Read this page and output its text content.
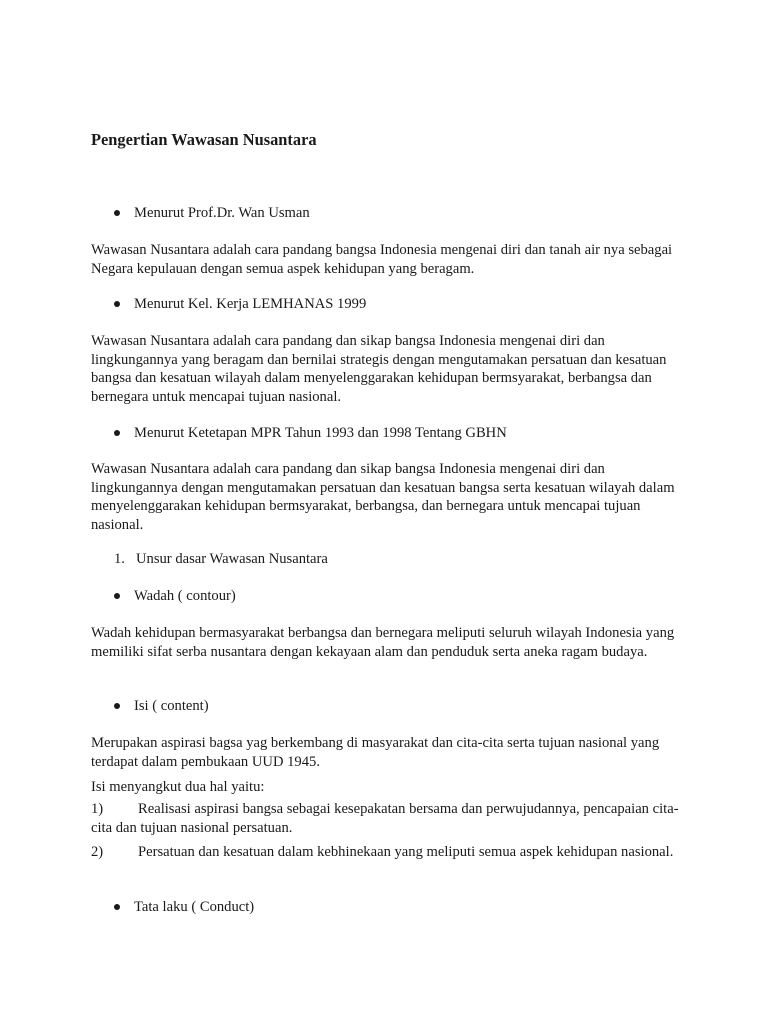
Pengertian Wawasan Nusantara

Menurut Prof.Dr. Wan Usman

Wawasan Nusantara adalah cara pandang bangsa Indonesia mengenai diri dan tanah air nya sebagai Negara kepulauan dengan semua aspek kehidupan yang beragam.

Menurut Kel. Kerja LEMHANAS 1999

Wawasan Nusantara adalah cara pandang dan sikap bangsa Indonesia mengenai diri dan lingkungannya yang beragam dan bernilai strategis dengan mengutamakan persatuan dan kesatuan bangsa dan kesatuan wilayah dalam menyelenggarakan kehidupan bermsyarakat, berbangsa dan bernegara untuk mencapai tujuan nasional.

Menurut Ketetapan MPR Tahun 1993 dan 1998 Tentang GBHN

Wawasan Nusantara adalah cara pandang dan sikap bangsa Indonesia mengenai diri dan lingkungannya dengan mengutamakan persatuan dan kesatuan bangsa serta kesatuan wilayah dalam menyelenggarakan kehidupan bermsyarakat, berbangsa, dan bernegara untuk mencapai tujuan nasional.

1. Unsur dasar Wawasan Nusantara

Wadah ( contour)

Wadah kehidupan bermasyarakat berbangsa dan bernegara meliputi seluruh wilayah Indonesia yang memiliki sifat serba nusantara dengan kekayaan alam dan penduduk serta aneka ragam budaya.

Isi ( content)

Merupakan aspirasi bagsa yag berkembang di masyarakat dan cita-cita serta tujuan nasional yang terdapat dalam pembukaan UUD 1945.

Isi menyangkut dua hal yaitu:

1) Realisasi aspirasi bangsa sebagai kesepakatan bersama dan perwujudannya, pencapaian cita-cita dan tujuan nasional persatuan.

2) Persatuan dan kesatuan dalam kebhinekaan yang meliputi semua aspek kehidupan nasional.

Tata laku ( Conduct)
